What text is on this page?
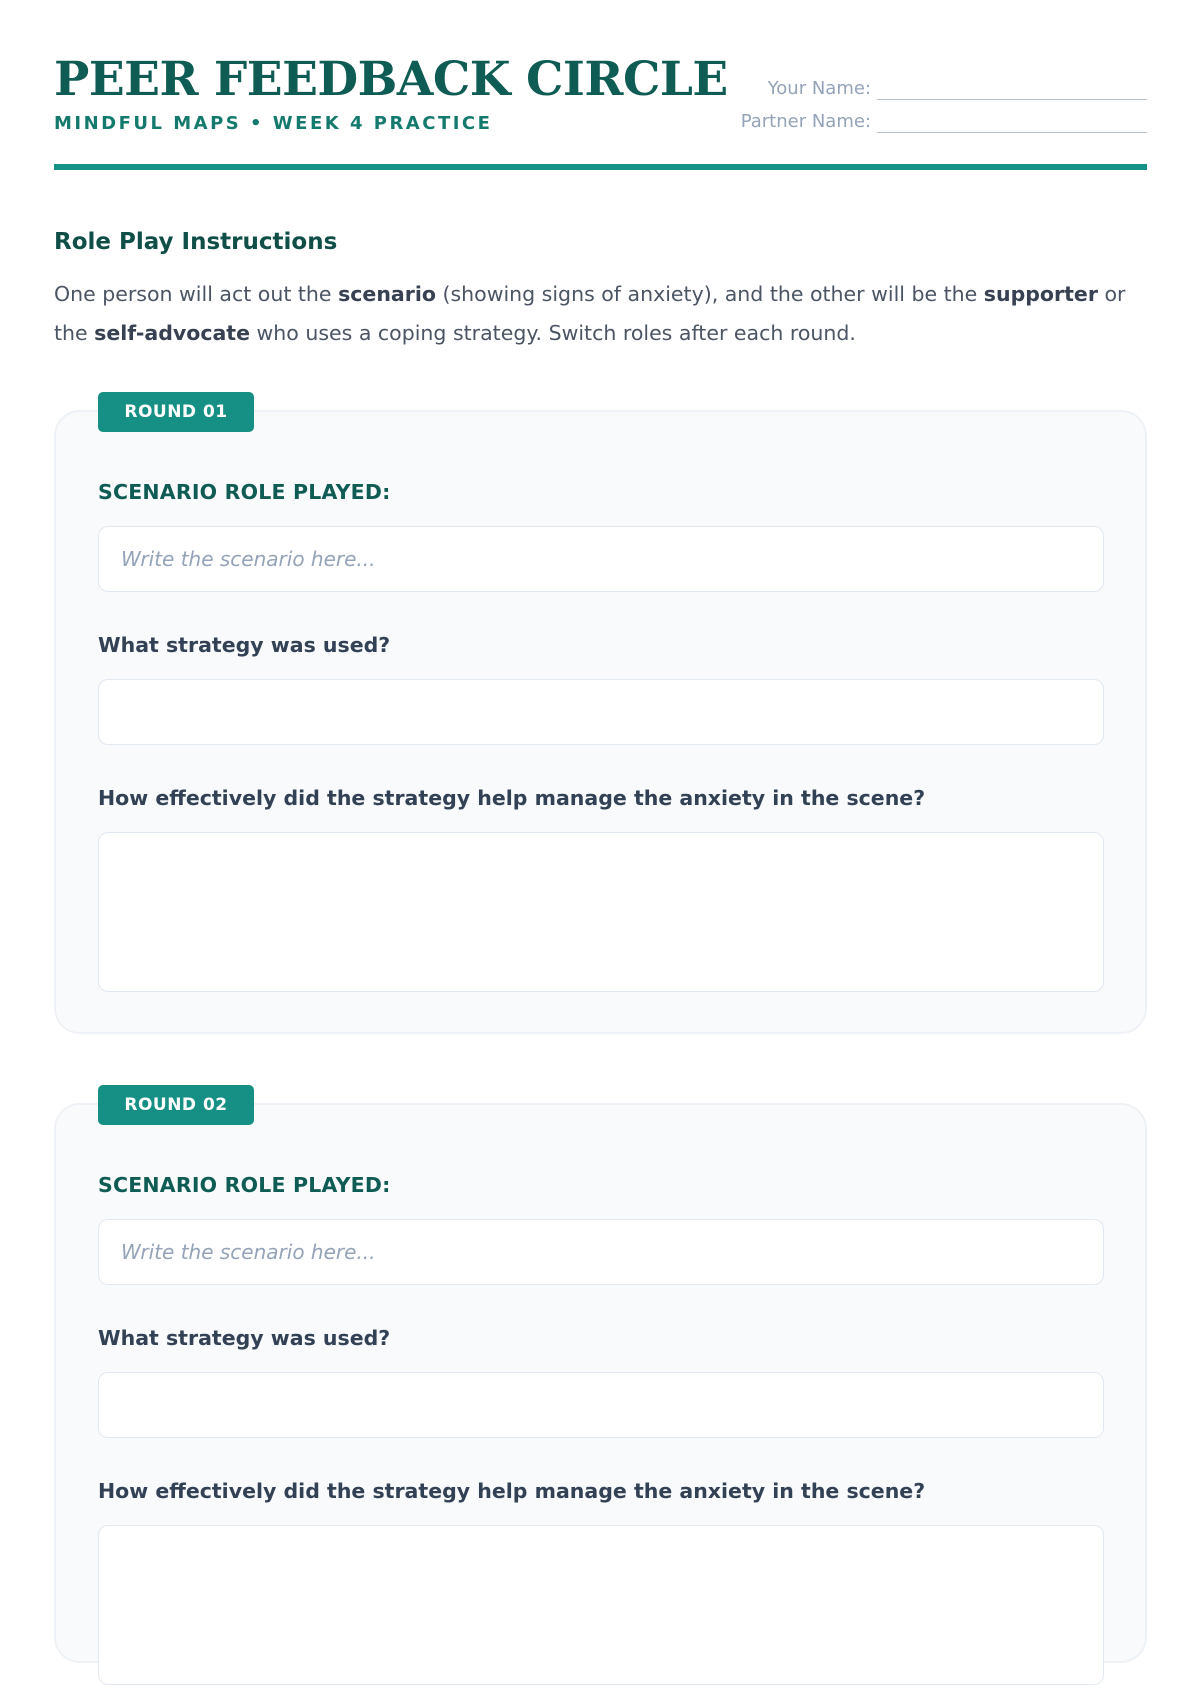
PEER FEEDBACK CIRCLE
MINDFUL MAPS • WEEK 4 PRACTICE
Your Name:
Partner Name:
Role Play Instructions

One person will act out the scenario (showing signs of anxiety), and the other will be the supporter or the self-advocate who uses a coping strategy. Switch roles after each round.

ROUND 01
SCENARIO ROLE PLAYED:
Write the scenario here...
What strategy was used?
How effectively did the strategy help manage the anxiety in the scene?
ROUND 02
SCENARIO ROLE PLAYED:
Write the scenario here...
What strategy was used?
How effectively did the strategy help manage the anxiety in the scene?
